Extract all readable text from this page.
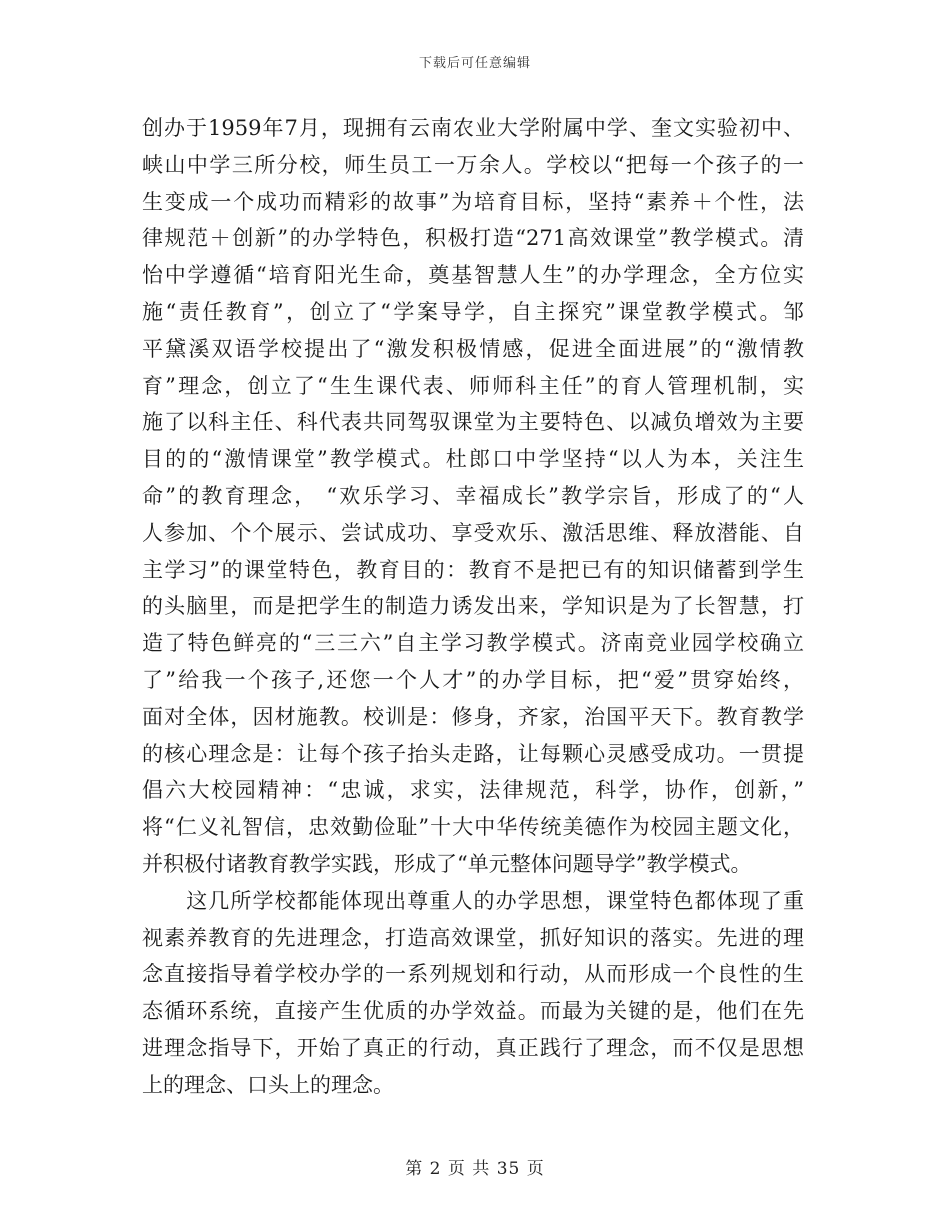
下载后可任意编辑
创办于1959年7月，现拥有云南农业大学附属中学、奎文实验初中、
峡山中学三所分校，师生员工一万余人。学校以“把每一个孩子的一
生变成一个成功而精彩的故事”为培育目标，坚持“素养＋个性，法
律规范＋创新”的办学特色，积极打造“271高效课堂”教学模式。清
怡中学遵循“培育阳光生命，奠基智慧人生”的办学理念，全方位实
施“责任教育”，创立了“学案导学，自主探究”课堂教学模式。邹
平黛溪双语学校提出了“激发积极情感，促进全面进展”的“激情教
育”理念，创立了“生生课代表、师师科主任”的育人管理机制，实
施了以科主任、科代表共同驾驭课堂为主要特色、以减负增效为主要
目的的“激情课堂”教学模式。杜郎口中学坚持“以人为本，关注生
命”的教育理念， “欢乐学习、幸福成长”教学宗旨，形成了的“人
人参加、个个展示、尝试成功、享受欢乐、激活思维、释放潜能、自
主学习”的课堂特色，教育目的：教育不是把已有的知识储蓄到学生
的头脑里，而是把学生的制造力诱发出来，学知识是为了长智慧，打
造了特色鲜亮的“三三六”自主学习教学模式。济南竞业园学校确立
了”给我一个孩子,还您一个人才”的办学目标，把“爱”贯穿始终，
面对全体，因材施教。校训是：修身，齐家，治国平天下。教育教学
的核心理念是：让每个孩子抬头走路，让每颗心灵感受成功。一贯提
倡六大校园精神：“忠诚，求实，法律规范，科学，协作，创新，”
将“仁义礼智信，忠效勤俭耻”十大中华传统美德作为校园主题文化，
并积极付诸教育教学实践，形成了“单元整体问题导学”教学模式。
　　这几所学校都能体现出尊重人的办学思想，课堂特色都体现了重
视素养教育的先进理念，打造高效课堂，抓好知识的落实。先进的理
念直接指导着学校办学的一系列规划和行动，从而形成一个良性的生
态循环系统，直接产生优质的办学效益。而最为关键的是，他们在先
进理念指导下，开始了真正的行动，真正践行了理念，而不仅是思想
上的理念、口头上的理念。
第 2 页 共 35 页
